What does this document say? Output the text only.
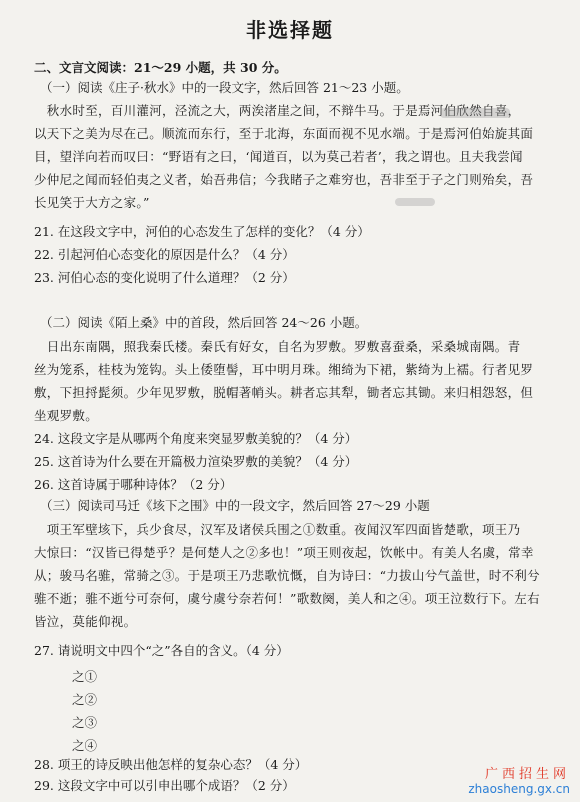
非选择题
二、文言文阅读：21～29 小题，共 30 分。
（一）阅读《庄子·秋水》中的一段文字，然后回答 21～23 小题。
　秋水时至，百川灌河，泾流之大，两涘渚崖之间，不辩牛马。于是焉河伯欣然自喜，
以天下之美为尽在己。顺流而东行，至于北海，东面而视不见水端。于是焉河伯始旋其面
目，望洋向若而叹曰：“野语有之曰，‘闻道百，以为莫己若者’，我之谓也。且夫我尝闻
少仲尼之闻而轻伯夷之义者，始吾弗信；今我睹子之难穷也，吾非至于子之门则殆矣，吾
长见笑于大方之家。”
21. 在这段文字中，河伯的心态发生了怎样的变化？（4 分）
22. 引起河伯心态变化的原因是什么？（4 分）
23. 河伯心态的变化说明了什么道理？（2 分）
（二）阅读《陌上桑》中的首段，然后回答 24～26 小题。
　日出东南隅，照我秦氏楼。秦氏有好女，自名为罗敷。罗敷喜蚕桑，采桑城南隅。青
丝为笼系，桂枝为笼钩。头上倭堕髻，耳中明月珠。缃绮为下裙，紫绮为上襦。行者见罗
敷，下担捋髭须。少年见罗敷，脱帽著帩头。耕者忘其犁，锄者忘其锄。来归相怨怒，但
坐观罗敷。
24. 这段文字是从哪两个角度来突显罗敷美貌的？（4 分）
25. 这首诗为什么要在开篇极力渲染罗敷的美貌？（4 分）
26. 这首诗属于哪种诗体？（2 分）
（三）阅读司马迁《垓下之围》中的一段文字，然后回答 27～29 小题
　项王军壁垓下，兵少食尽，汉军及诸侯兵围之①数重。夜闻汉军四面皆楚歌，项王乃
大惊曰：“汉皆已得楚乎？是何楚人之②多也！”项王则夜起，饮帐中。有美人名虞，常幸
从；骏马名骓，常骑之③。于是项王乃悲歌忼慨，自为诗曰：“力拔山兮气盖世，时不利兮
骓不逝；骓不逝兮可奈何，虞兮虞兮奈若何！”歌数阕，美人和之④。项王泣数行下。左右
皆泣，莫能仰视。
27. 请说明文中四个“之”各自的含义。（4 分）
之①
之②
之③
之④
28. 项王的诗反映出他怎样的复杂心态？（4 分）
29. 这段文字中可以引申出哪个成语？（2 分）
广西招生网
zhaosheng.gx.cn
